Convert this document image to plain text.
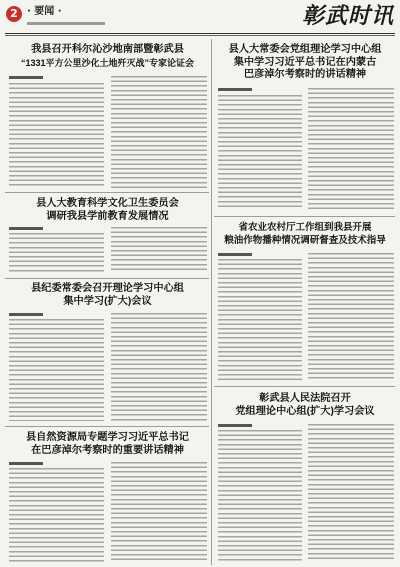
2 · 要闻 ·	彰武时讯
我县召开科尔沁沙地南部暨彰武县
“1331平方公里沙化土地歼灭战”专家论证会
县人大教育科学文化卫生委员会
调研我县学前教育发展情况
县纪委常委会召开理论学习中心组
集中学习(扩大)会议
县自然资源局专题学习习近平总书记
在巴彦淖尔考察时的重要讲话精神
县人大常委会党组理论学习中心组
集中学习习近平总书记在内蒙古
巴彦淖尔考察时的讲话精神
省农业农村厅工作组到我县开展
粮油作物播种情况调研督查及技术指导
彰武县人民法院召开
党组理论中心组(扩大)学习会议
